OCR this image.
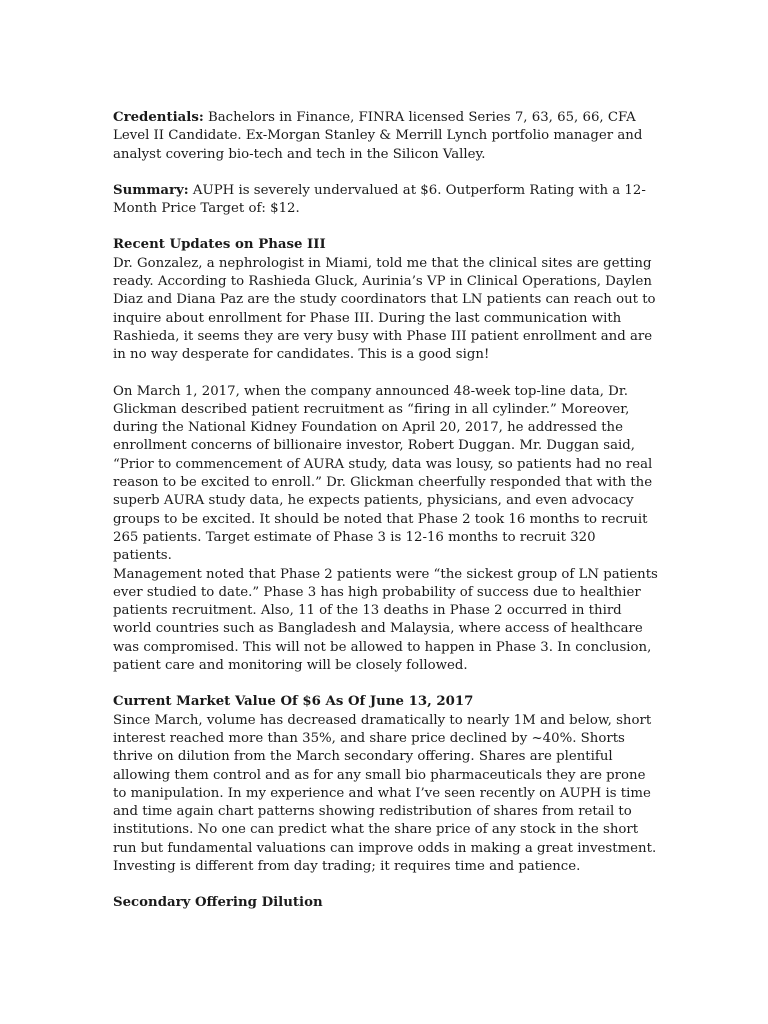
Credentials: Bachelors in Finance, FINRA licensed Series 7, 63, 65, 66, CFA Level II Candidate. Ex-Morgan Stanley & Merrill Lynch portfolio manager and analyst covering bio-tech and tech in the Silicon Valley.

Summary: AUPH is severely undervalued at $6. Outperform Rating with a 12-Month Price Target of: $12.

Recent Updates on Phase III

Dr. Gonzalez, a nephrologist in Miami, told me that the clinical sites are getting ready. According to Rashieda Gluck, Aurinia’s VP in Clinical Operations, Daylen Diaz and Diana Paz are the study coordinators that LN patients can reach out to inquire about enrollment for Phase III. During the last communication with Rashieda, it seems they are very busy with Phase III patient enrollment and are in no way desperate for candidates. This is a good sign!

On March 1, 2017, when the company announced 48-week top-line data, Dr. Glickman described patient recruitment as “firing in all cylinder.” Moreover, during the National Kidney Foundation on April 20, 2017, he addressed the enrollment concerns of billionaire investor, Robert Duggan. Mr. Duggan said, “Prior to commencement of AURA study, data was lousy, so patients had no real reason to be excited to enroll.” Dr. Glickman cheerfully responded that with the superb AURA study data, he expects patients, physicians, and even advocacy groups to be excited. It should be noted that Phase 2 took 16 months to recruit 265 patients. Target estimate of Phase 3 is 12-16 months to recruit 320 patients.

Management noted that Phase 2 patients were “the sickest group of LN patients ever studied to date.” Phase 3 has high probability of success due to healthier patients recruitment. Also, 11 of the 13 deaths in Phase 2 occurred in third world countries such as Bangladesh and Malaysia, where access of healthcare was compromised. This will not be allowed to happen in Phase 3. In conclusion, patient care and monitoring will be closely followed.

Current Market Value Of $6 As Of June 13, 2017

Since March, volume has decreased dramatically to nearly 1M and below, short interest reached more than 35%, and share price declined by ~40%. Shorts thrive on dilution from the March secondary offering. Shares are plentiful allowing them control and as for any small bio pharmaceuticals they are prone to manipulation. In my experience and what I’ve seen recently on AUPH is time and time again chart patterns showing redistribution of shares from retail to institutions. No one can predict what the share price of any stock in the short run but fundamental valuations can improve odds in making a great investment. Investing is different from day trading; it requires time and patience.

Secondary Offering Dilution
